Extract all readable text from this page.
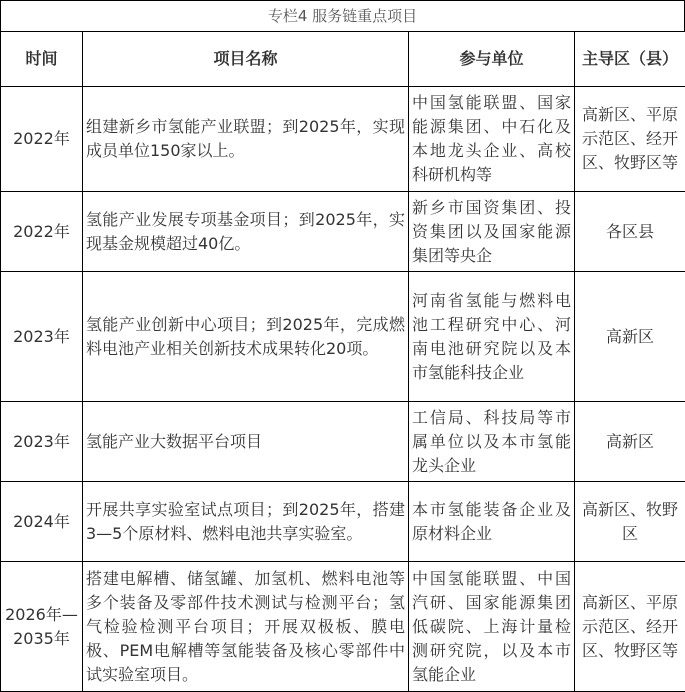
专栏4 服务链重点项目
时间	项目名称	参与单位	主导区（县）
2022年	组建新乡市氢能产业联盟；到2025年，实现成员单位150家以上。	中国氢能联盟、国家能源集团、中石化及本地龙头企业、高校科研机构等	高新区、平原示范区、经开区、牧野区等
2022年	氢能产业发展专项基金项目；到2025年，实现基金规模超过40亿。	新乡市国资集团、投资集团以及国家能源集团等央企	各区县
2023年	氢能产业创新中心项目；到2025年，完成燃料电池产业相关创新技术成果转化20项。	河南省氢能与燃料电池工程研究中心、河南电池研究院以及本市氢能科技企业	高新区
2023年	氢能产业大数据平台项目	工信局、科技局等市属单位以及本市氢能龙头企业	高新区
2024年	开展共享实验室试点项目；到2025年，搭建3—5个原材料、燃料电池共享实验室。	本市氢能装备企业及原材料企业	高新区、牧野区
2026年—2035年	搭建电解槽、储氢罐、加氢机、燃料电池等多个装备及零部件技术测试与检测平台；氢气检验检测平台项目；开展双极板、膜电极、PEM电解槽等氢能装备及核心零部件中试实验室项目。	中国氢能联盟、中国汽研、国家能源集团低碳院、上海计量检测研究院，以及本市氢能企业	高新区、平原示范区、经开区、牧野区等
